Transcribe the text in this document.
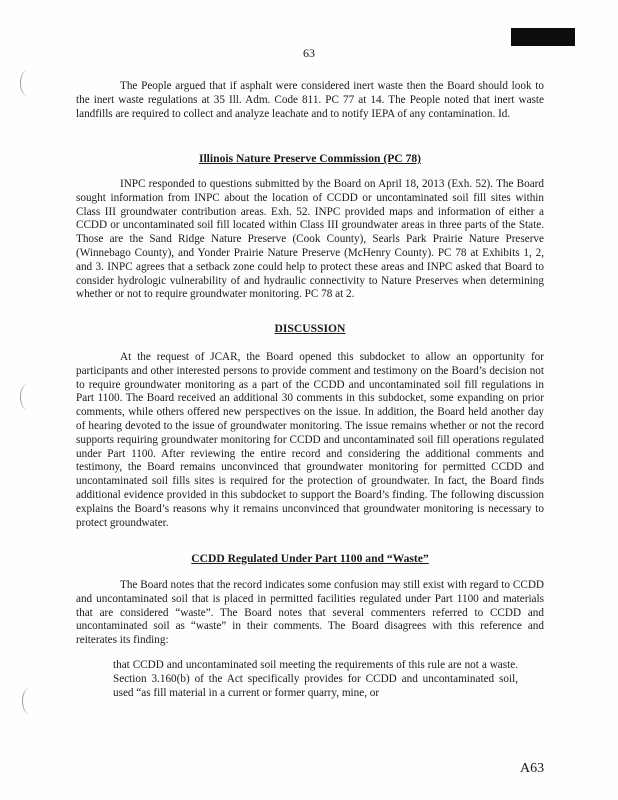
63

The People argued that if asphalt were considered inert waste then the Board should look to the inert waste regulations at 35 Ill. Adm. Code 811. PC 77 at 14. The People noted that inert waste landfills are required to collect and analyze leachate and to notify IEPA of any contamination. Id.

Illinois Nature Preserve Commission (PC 78)

INPC responded to questions submitted by the Board on April 18, 2013 (Exh. 52). The Board sought information from INPC about the location of CCDD or uncontaminated soil fill sites within Class III groundwater contribution areas. Exh. 52. INPC provided maps and information of either a CCDD or uncontaminated soil fill located within Class III groundwater areas in three parts of the State. Those are the Sand Ridge Nature Preserve (Cook County), Searls Park Prairie Nature Preserve (Winnebago County), and Yonder Prairie Nature Preserve (McHenry County). PC 78 at Exhibits 1, 2, and 3. INPC agrees that a setback zone could help to protect these areas and INPC asked that Board to consider hydrologic vulnerability of and hydraulic connectivity to Nature Preserves when determining whether or not to require groundwater monitoring. PC 78 at 2.

DISCUSSION

At the request of JCAR, the Board opened this subdocket to allow an opportunity for participants and other interested persons to provide comment and testimony on the Board’s decision not to require groundwater monitoring as a part of the CCDD and uncontaminated soil fill regulations in Part 1100. The Board received an additional 30 comments in this subdocket, some expanding on prior comments, while others offered new perspectives on the issue. In addition, the Board held another day of hearing devoted to the issue of groundwater monitoring. The issue remains whether or not the record supports requiring groundwater monitoring for CCDD and uncontaminated soil fill operations regulated under Part 1100. After reviewing the entire record and considering the additional comments and testimony, the Board remains unconvinced that groundwater monitoring for permitted CCDD and uncontaminated soil fills sites is required for the protection of groundwater. In fact, the Board finds additional evidence provided in this subdocket to support the Board’s finding. The following discussion explains the Board’s reasons why it remains unconvinced that groundwater monitoring is necessary to protect groundwater.

CCDD Regulated Under Part 1100 and “Waste”

The Board notes that the record indicates some confusion may still exist with regard to CCDD and uncontaminated soil that is placed in permitted facilities regulated under Part 1100 and materials that are considered “waste”. The Board notes that several commenters referred to CCDD and uncontaminated soil as “waste” in their comments. The Board disagrees with this reference and reiterates its finding:

that CCDD and uncontaminated soil meeting the requirements of this rule are not a waste. Section 3.160(b) of the Act specifically provides for CCDD and uncontaminated soil, used “as fill material in a current or former quarry, mine, or

A63
